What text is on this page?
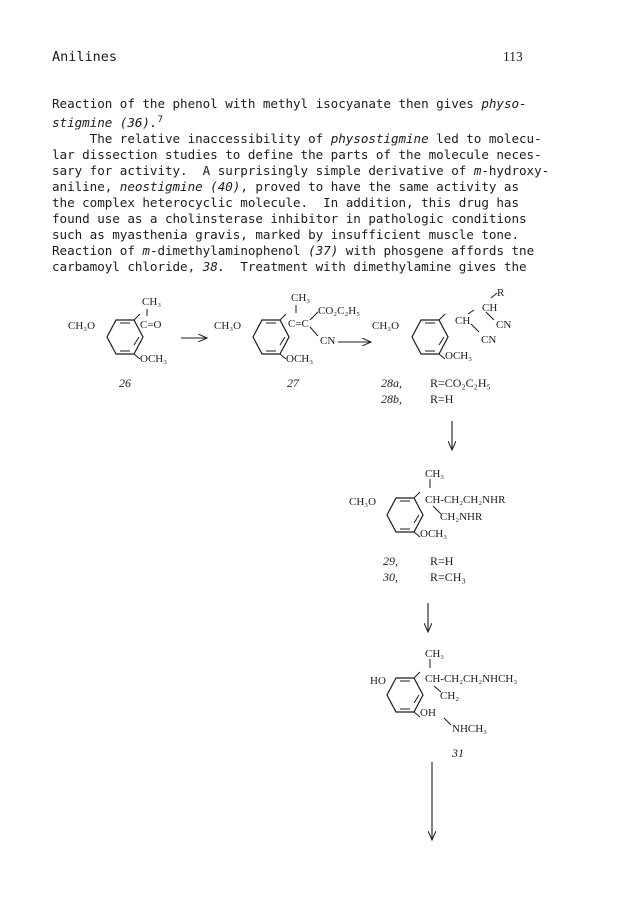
Anilines	113

Reaction of the phenol with methyl isocyanate then gives physo-

stigmine (36).$^7$

The relative inaccessibility of physostigmine led to molecu-

lar dissection studies to define the parts of the molecule neces-

sary for activity.  A surprisingly simple derivative of m-hydroxy-

aniline, neostigmine (40), proved to have the same activity as

the complex heterocyclic molecule.  In addition, this drug has

found use as a cholinsterase inhibitor in pathologic conditions

such as myasthenia gravis, marked by insufficient muscle tone.

Reaction of m-dimethylaminophenol (37) with phosgene affords tne

carbamoyl chloride, 38.  Treatment with dimethylamine gives the

CH₃
CH₃O	C=O
OCH₃
26
CH₃
CO₂C₂H₅
CH₃O	C=C
CN
OCH₃
27
R
CH
CH₃O	CH CN
CN
OCH₃
28a, R=CO₂C₂H₅
28b, R=H
CH₃
CH₃O	CH-CH₂CH₂NHR
CH₂NHR
OCH₃
29,	R=H
30,	R=CH₃
CH₃
HO	CH-CH₂CH₂NHCH₃
CH₂
OH
NHCH₃
31
